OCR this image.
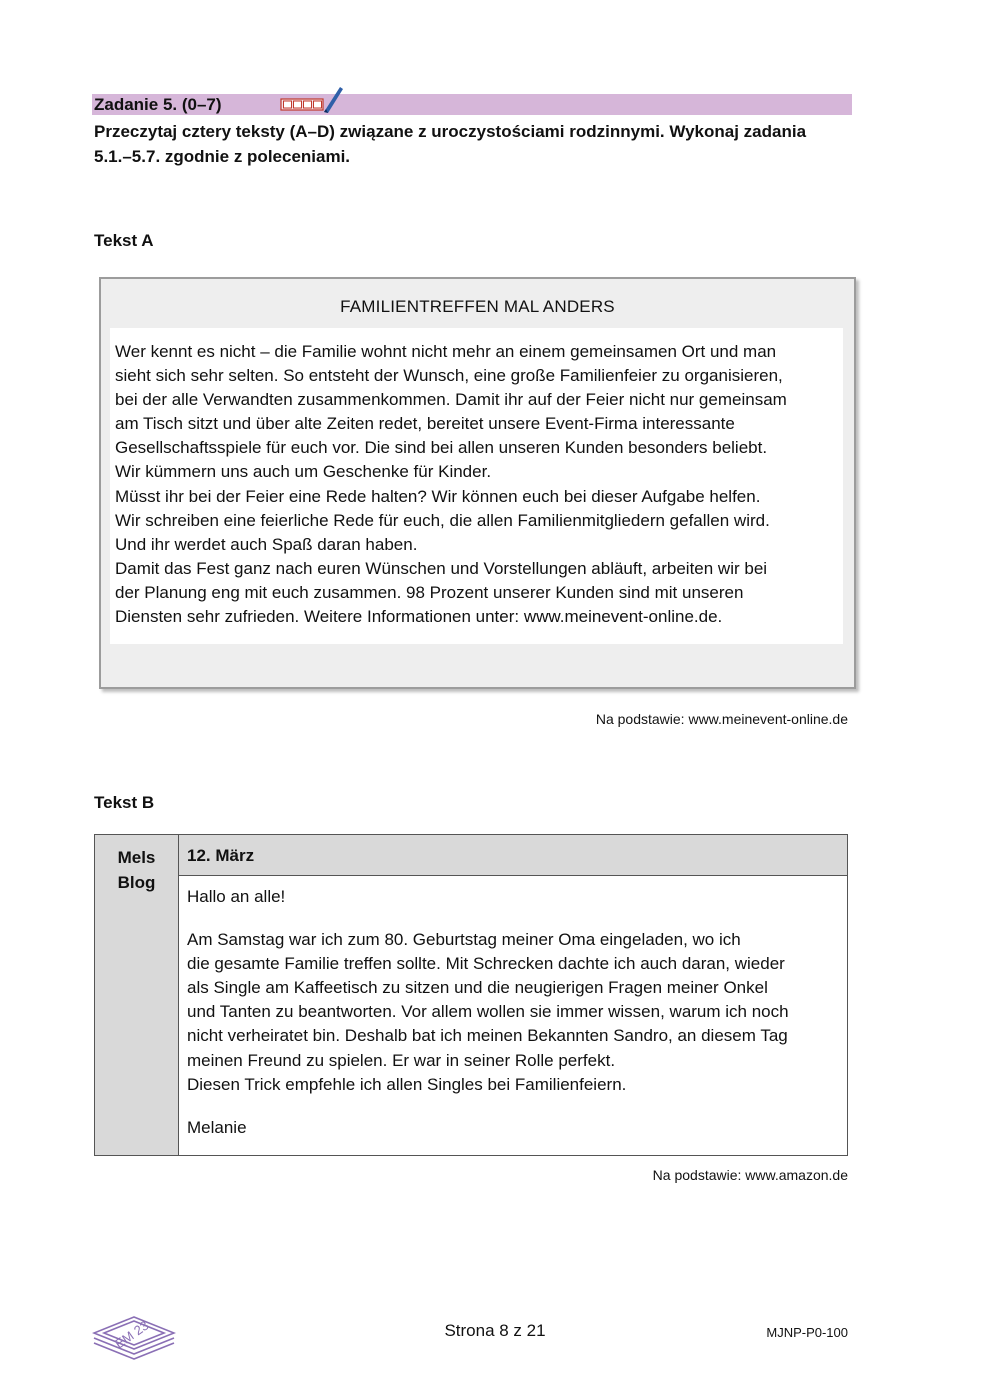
Zadanie 5. (0–7)
Przeczytaj cztery teksty (A–D) związane z uroczystościami rodzinnymi. Wykonaj zadania 5.1.–5.7. zgodnie z poleceniami.
Tekst A
FAMILIENTREFFEN MAL ANDERS
Wer kennt es nicht – die Familie wohnt nicht mehr an einem gemeinsamen Ort und man
sieht sich sehr selten. So entsteht der Wunsch, eine große Familienfeier zu organisieren,
bei der alle Verwandten zusammenkommen. Damit ihr auf der Feier nicht nur gemeinsam
am Tisch sitzt und über alte Zeiten redet, bereitet unsere Event-Firma interessante
Gesellschaftsspiele für euch vor. Die sind bei allen unseren Kunden besonders beliebt.
Wir kümmern uns auch um Geschenke für Kinder.
Müsst ihr bei der Feier eine Rede halten? Wir können euch bei dieser Aufgabe helfen.
Wir schreiben eine feierliche Rede für euch, die allen Familienmitgliedern gefallen wird.
Und ihr werdet auch Spaß daran haben.
Damit das Fest ganz nach euren Wünschen und Vorstellungen abläuft, arbeiten wir bei
der Planung eng mit euch zusammen. 98 Prozent unserer Kunden sind mit unseren
Diensten sehr zufrieden. Weitere Informationen unter: www.meinevent-online.de.
Na podstawie: www.meinevent-online.de
Tekst B
Mels
Blog
12. März

Hallo an alle!

Am Samstag war ich zum 80. Geburtstag meiner Oma eingeladen, wo ich

die gesamte Familie treffen sollte. Mit Schrecken dachte ich auch daran, wieder

als Single am Kaffeetisch zu sitzen und die neugierigen Fragen meiner Onkel

und Tanten zu beantworten. Vor allem wollen sie immer wissen, warum ich noch

nicht verheiratet bin. Deshalb bat ich meinen Bekannten Sandro, an diesem Tag

meinen Freund zu spielen. Er war in seiner Rolle perfekt.

Diesen Trick empfehle ich allen Singles bei Familienfeiern.

Melanie

Na podstawie: www.amazon.de
EM 23	Strona 8 z 21	MJNP-P0-100
